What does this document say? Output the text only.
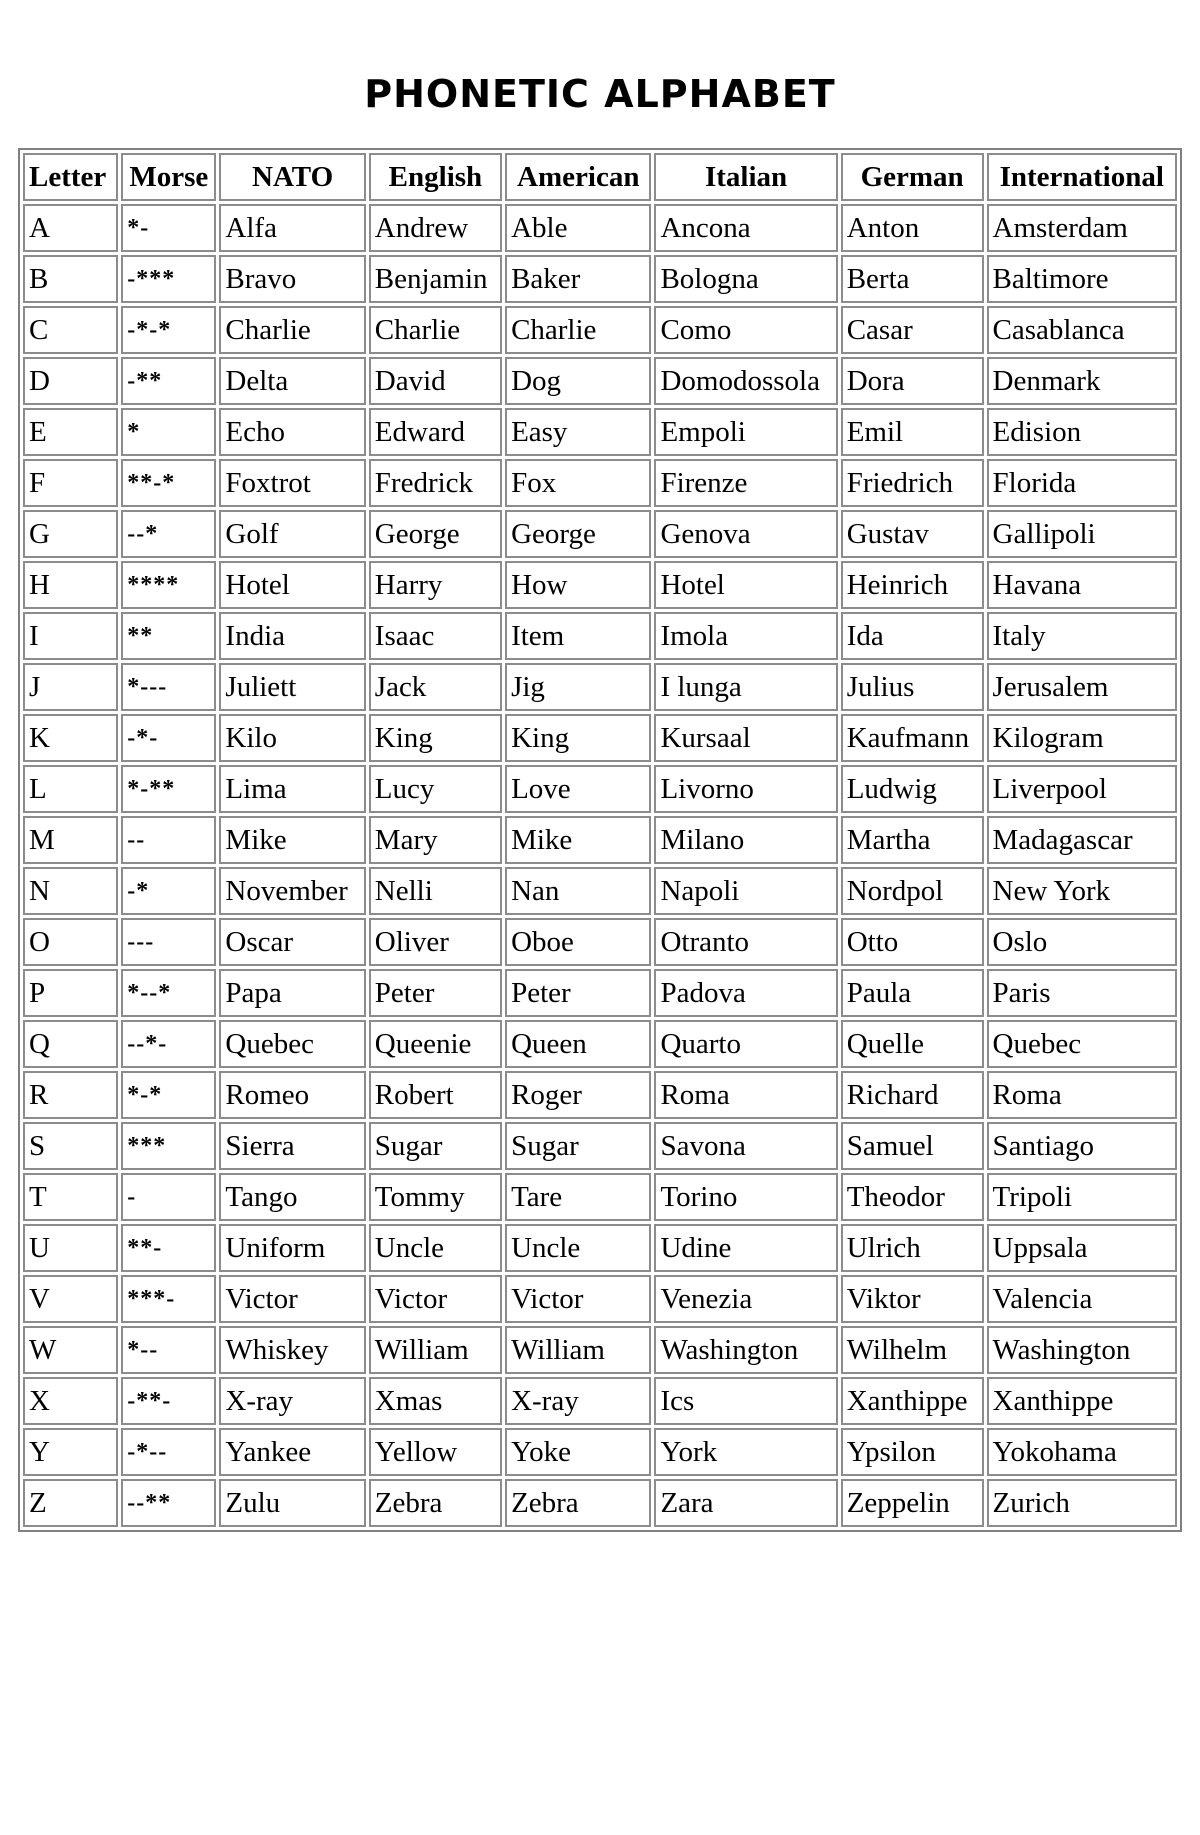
PHONETIC ALPHABET
Letter	Morse	NATO	English	American	Italian	German	International
A	*-	Alfa	Andrew	Able	Ancona	Anton	Amsterdam
B	-***	Bravo	Benjamin	Baker	Bologna	Berta	Baltimore
C	-*-*	Charlie	Charlie	Charlie	Como	Casar	Casablanca
D	-**	Delta	David	Dog	Domodossola	Dora	Denmark
E	*	Echo	Edward	Easy	Empoli	Emil	Edision
F	**-*	Foxtrot	Fredrick	Fox	Firenze	Friedrich	Florida
G	--*	Golf	George	George	Genova	Gustav	Gallipoli
H	****	Hotel	Harry	How	Hotel	Heinrich	Havana
I	**	India	Isaac	Item	Imola	Ida	Italy
J	*---	Juliett	Jack	Jig	I lunga	Julius	Jerusalem
K	-*-	Kilo	King	King	Kursaal	Kaufmann	Kilogram
L	*-**	Lima	Lucy	Love	Livorno	Ludwig	Liverpool
M	--	Mike	Mary	Mike	Milano	Martha	Madagascar
N	-*	November	Nelli	Nan	Napoli	Nordpol	New York
O	---	Oscar	Oliver	Oboe	Otranto	Otto	Oslo
P	*--*	Papa	Peter	Peter	Padova	Paula	Paris
Q	--*-	Quebec	Queenie	Queen	Quarto	Quelle	Quebec
R	*-*	Romeo	Robert	Roger	Roma	Richard	Roma
S	***	Sierra	Sugar	Sugar	Savona	Samuel	Santiago
T	-	Tango	Tommy	Tare	Torino	Theodor	Tripoli
U	**-	Uniform	Uncle	Uncle	Udine	Ulrich	Uppsala
V	***-	Victor	Victor	Victor	Venezia	Viktor	Valencia
W	*--	Whiskey	William	William	Washington	Wilhelm	Washington
X	-**-	X-ray	Xmas	X-ray	Ics	Xanthippe	Xanthippe
Y	-*--	Yankee	Yellow	Yoke	York	Ypsilon	Yokohama
Z	--**	Zulu	Zebra	Zebra	Zara	Zeppelin	Zurich
